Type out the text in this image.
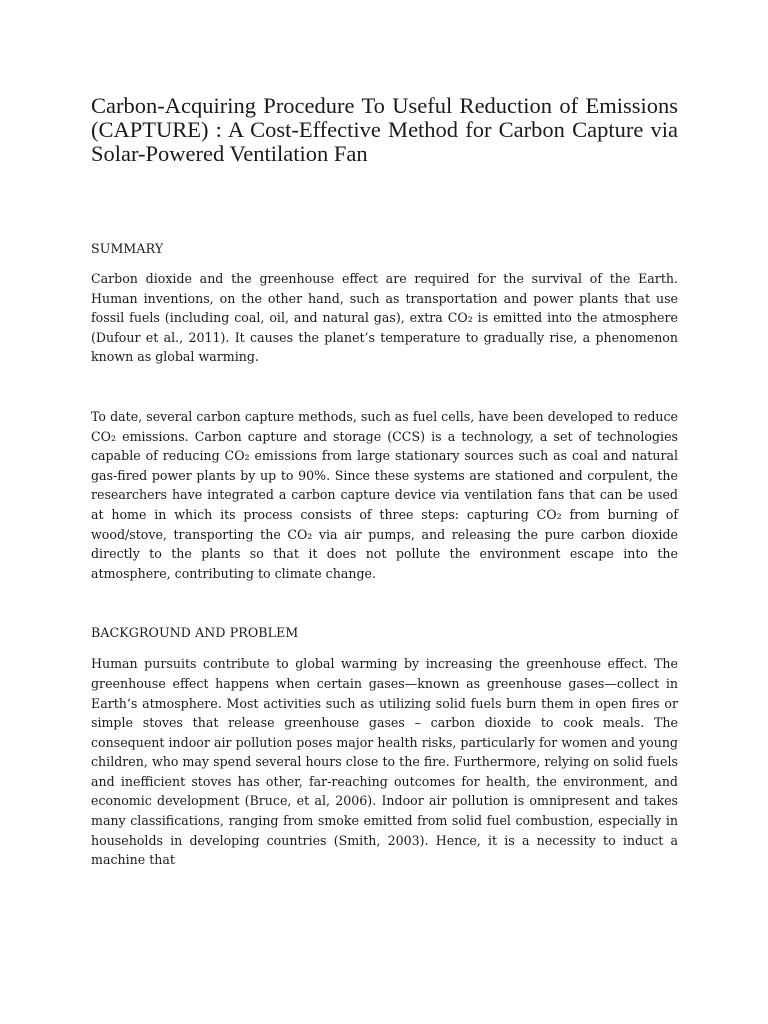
Carbon-Acquiring Procedure To Useful Reduction of Emissions (CAPTURE) : A Cost-Effective Method for Carbon Capture via Solar-Powered Ventilation Fan
SUMMARY

Carbon dioxide and the greenhouse effect are required for the survival of the Earth. Human inventions, on the other hand, such as transportation and power plants that use fossil fuels (including coal, oil, and natural gas), extra CO₂ is emitted into the atmosphere (Dufour et al., 2011). It causes the planet’s temperature to gradually rise, a phenomenon known as global warming.

To date, several carbon capture methods, such as fuel cells, have been developed to reduce CO₂ emissions. Carbon capture and storage (CCS) is a technology, a set of technologies capable of reducing CO₂ emissions from large stationary sources such as coal and natural gas-fired power plants by up to 90%. Since these systems are stationed and corpulent, the researchers have integrated a carbon capture device via ventilation fans that can be used at home in which its process consists of three steps: capturing CO₂ from burning of wood/stove, transporting the CO₂ via air pumps, and releasing the pure carbon dioxide directly to the plants so that it does not pollute the environment escape into the atmosphere, contributing to climate change.

BACKGROUND AND PROBLEM

Human pursuits contribute to global warming by increasing the greenhouse effect. The greenhouse effect happens when certain gases—known as greenhouse gases—collect in Earth’s atmosphere. Most activities such as utilizing solid fuels burn them in open fires or simple stoves that release greenhouse gases – carbon dioxide to cook meals. The consequent indoor air pollution poses major health risks, particularly for women and young children, who may spend several hours close to the fire. Furthermore, relying on solid fuels and inefficient stoves has other, far-reaching outcomes for health, the environment, and economic development (Bruce, et al, 2006). Indoor air pollution is omnipresent and takes many classifications, ranging from smoke emitted from solid fuel combustion, especially in households in developing countries (Smith, 2003). Hence, it is a necessity to induct a machine that
